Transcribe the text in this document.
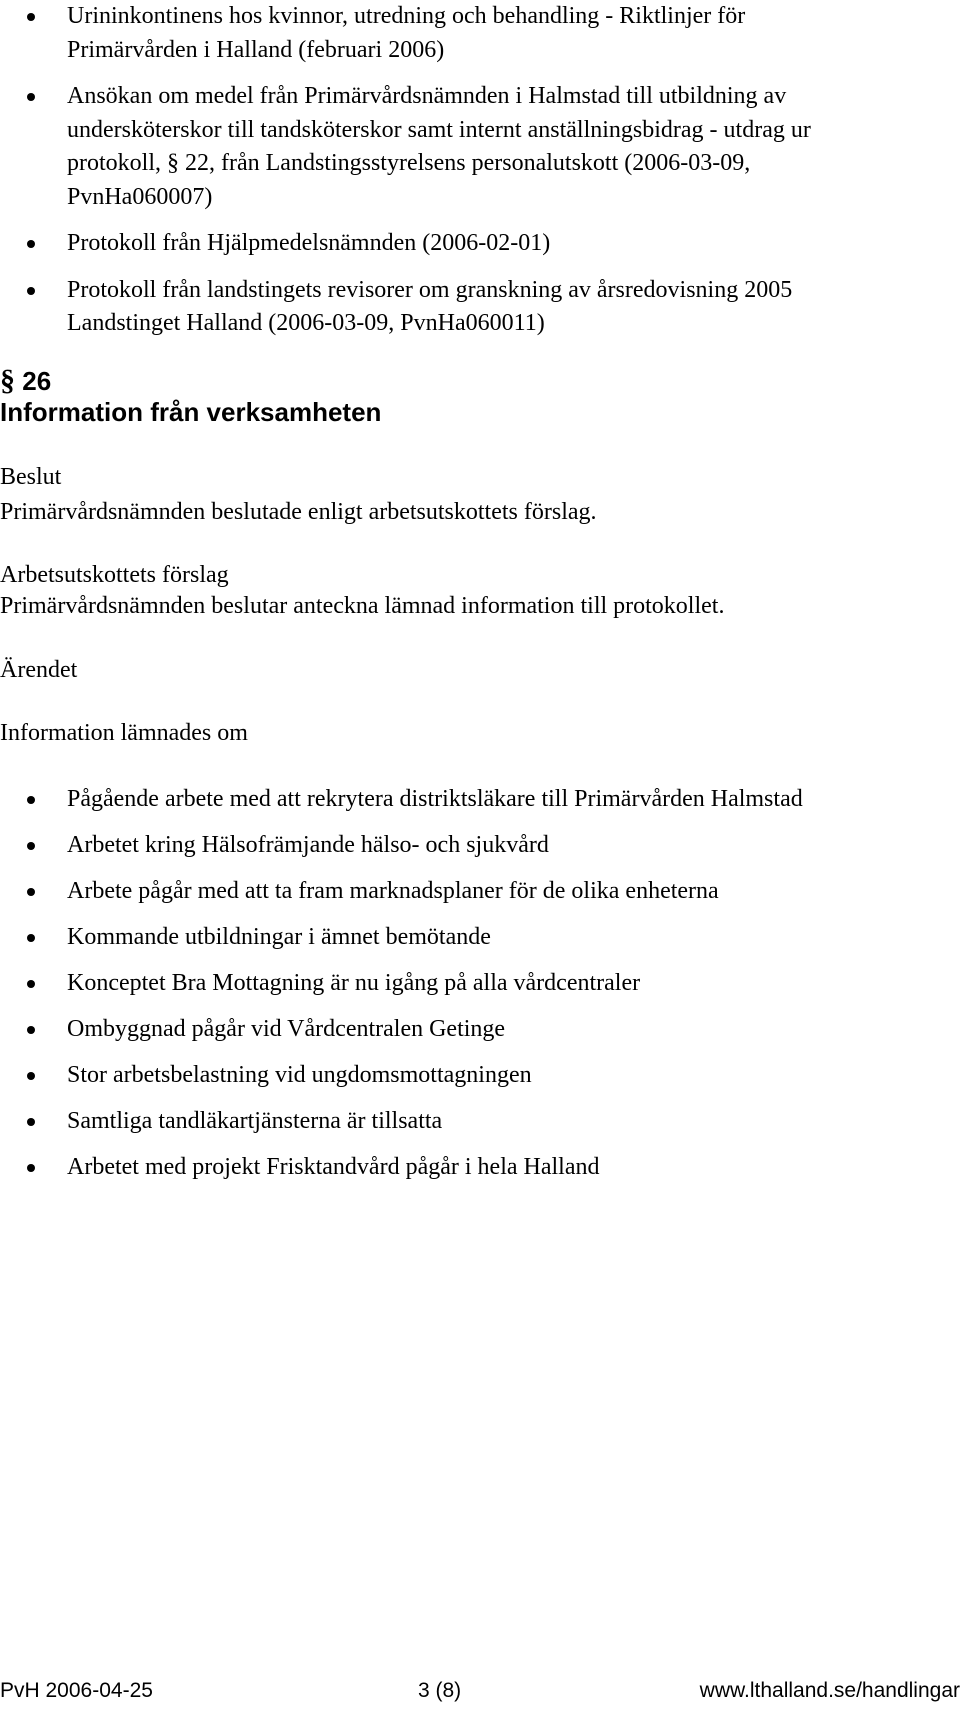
Urininkontinens hos kvinnor, utredning och behandling - Riktlinjer för Primärvården i Halland (februari 2006)
Ansökan om medel från Primärvårdsnämnden i Halmstad till utbildning av undersköterskor till tandsköterskor samt internt anställningsbidrag - utdrag ur protokoll, § 22, från Landstingsstyrelsens personalutskott (2006-03-09, PvnHa060007)
Protokoll från Hjälpmedelsnämnden (2006-02-01)
Protokoll från landstingets revisorer om granskning av årsredovisning 2005 Landstinget Halland (2006-03-09, PvnHa060011)
§ 26
Information från verksamheten
Beslut
Primärvårdsnämnden beslutade enligt arbetsutskottets förslag.
Arbetsutskottets förslag
Primärvårdsnämnden beslutar anteckna lämnad information till protokollet.
Ärendet
Information lämnades om
Pågående arbete med att rekrytera distriktsläkare till Primärvården Halmstad
Arbetet kring Hälsofrämjande hälso- och sjukvård
Arbete pågår med att ta fram marknadsplaner för de olika enheterna
Kommande utbildningar i ämnet bemötande
Konceptet Bra Mottagning är nu igång på alla vårdcentraler
Ombyggnad pågår vid Vårdcentralen Getinge
Stor arbetsbelastning vid ungdomsmottagningen
Samtliga tandläkartjänsterna är tillsatta
Arbetet med projekt Frisktandvård pågår i hela Halland
PvH 2006-04-25	3 (8)	www.lthalland.se/handlingar
